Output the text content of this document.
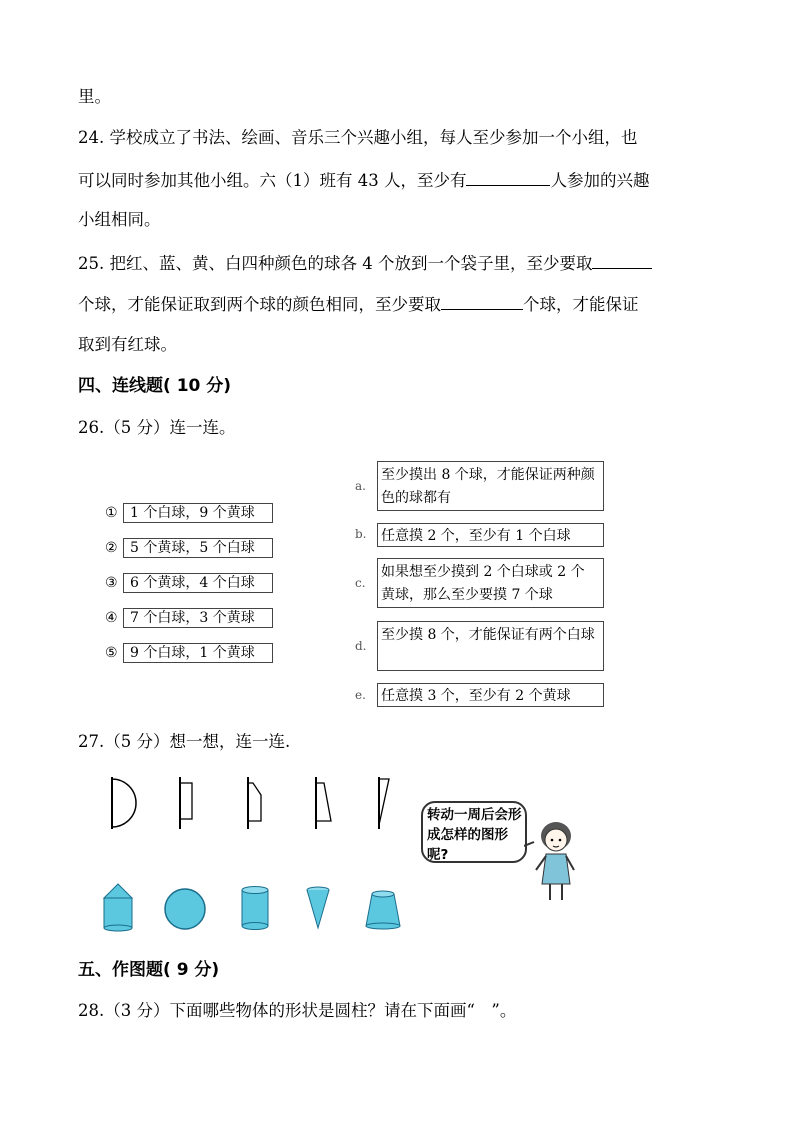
里。
24. 学校成立了书法、绘画、音乐三个兴趣小组，每人至少参加一个小组，也
可以同时参加其他小组。六（1）班有 43 人，至少有	人参加的兴趣
小组相同。
25. 把红、蓝、黄、白四种颜色的球各 4 个放到一个袋子里，至少要取
个球，才能保证取到两个球的颜色相同，至少要取	个球，才能保证
取到有红球。
四、连线题( 10 分)
26.（5 分）连一连。
① 1 个白球，9 个黄球
② 5 个黄球，5 个白球
③ 6 个黄球，4 个白球
④ 7 个白球，3 个黄球
⑤ 9 个白球，1 个黄球
a.
至少摸出 8 个球，才能保证两种颜色的球都有
b. 任意摸 2 个，至少有 1 个白球
c.
如果想至少摸到 2 个白球或 2 个黄球，那么至少要摸 7 个球
d.
至少摸 8 个，才能保证有两个白球
e. 任意摸 3 个，至少有 2 个黄球
27.（5 分）想一想，连一连.
转动一周后会形成怎样的图形呢?
五、作图题( 9 分)
28.（3 分）下面哪些物体的形状是圆柱？请在下面画“　”。
